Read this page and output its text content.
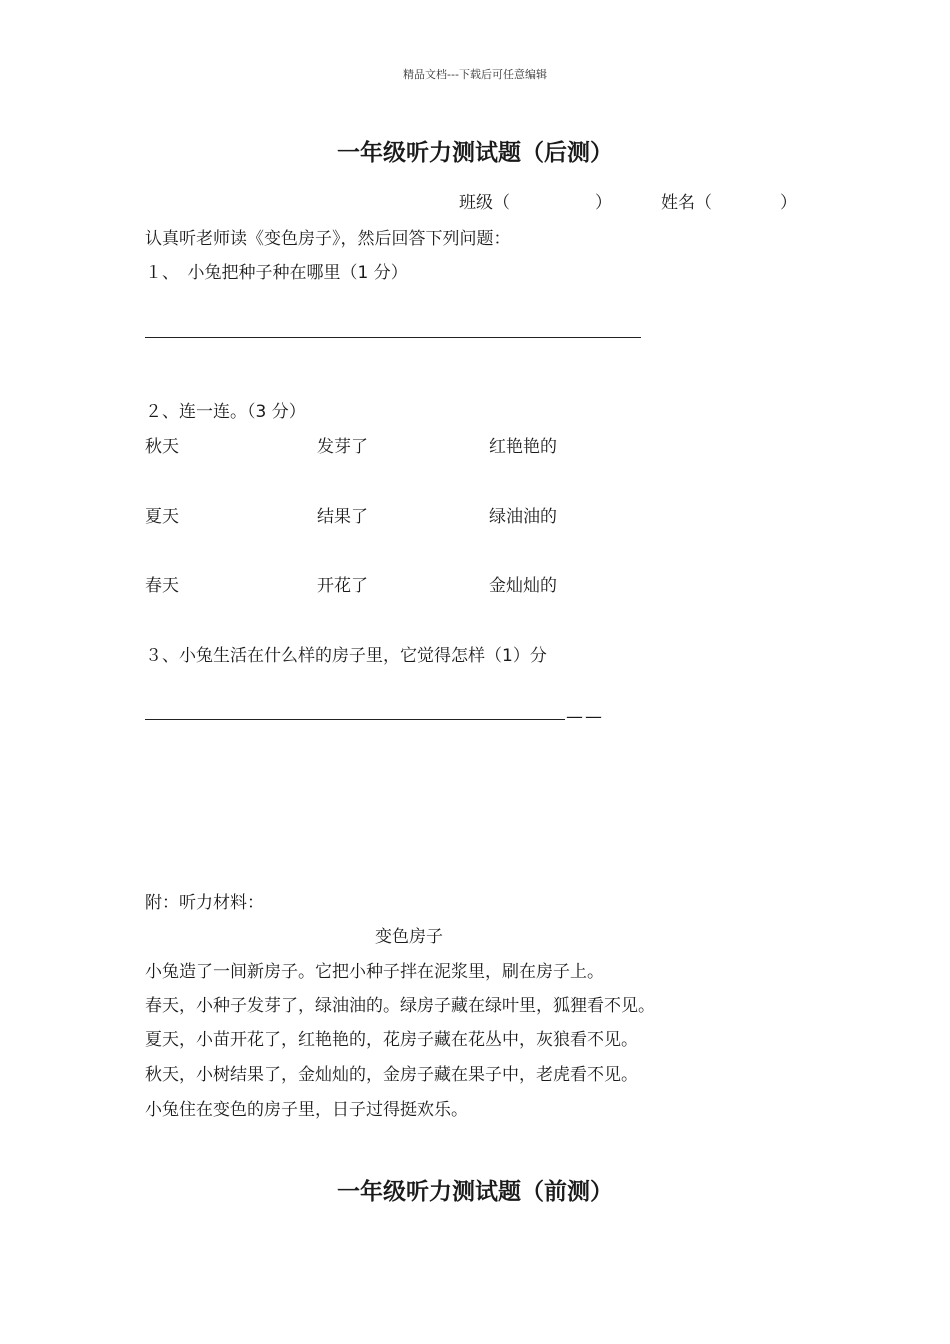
精品文档---下载后可任意编辑
一年级听力测试题（后测）
班级（　　　　　）	姓名（　　　　）
认真听老师读《变色房子》，然后回答下列问题：
１、　小兔把种子种在哪里（1 分）
２、连一连。（3 分）
秋天	发芽了	红艳艳的
夏天	结果了	绿油油的
春天	开花了	金灿灿的
３、小兔生活在什么样的房子里，它觉得怎样（1）分
——
附：听力材料：
变色房子
小兔造了一间新房子。它把小种子拌在泥浆里，刷在房子上。
春天，小种子发芽了，绿油油的。绿房子藏在绿叶里，狐狸看不见。
夏天，小苗开花了，红艳艳的，花房子藏在花丛中，灰狼看不见。
秋天，小树结果了，金灿灿的，金房子藏在果子中，老虎看不见。
小兔住在变色的房子里，日子过得挺欢乐。
一年级听力测试题（前测）
